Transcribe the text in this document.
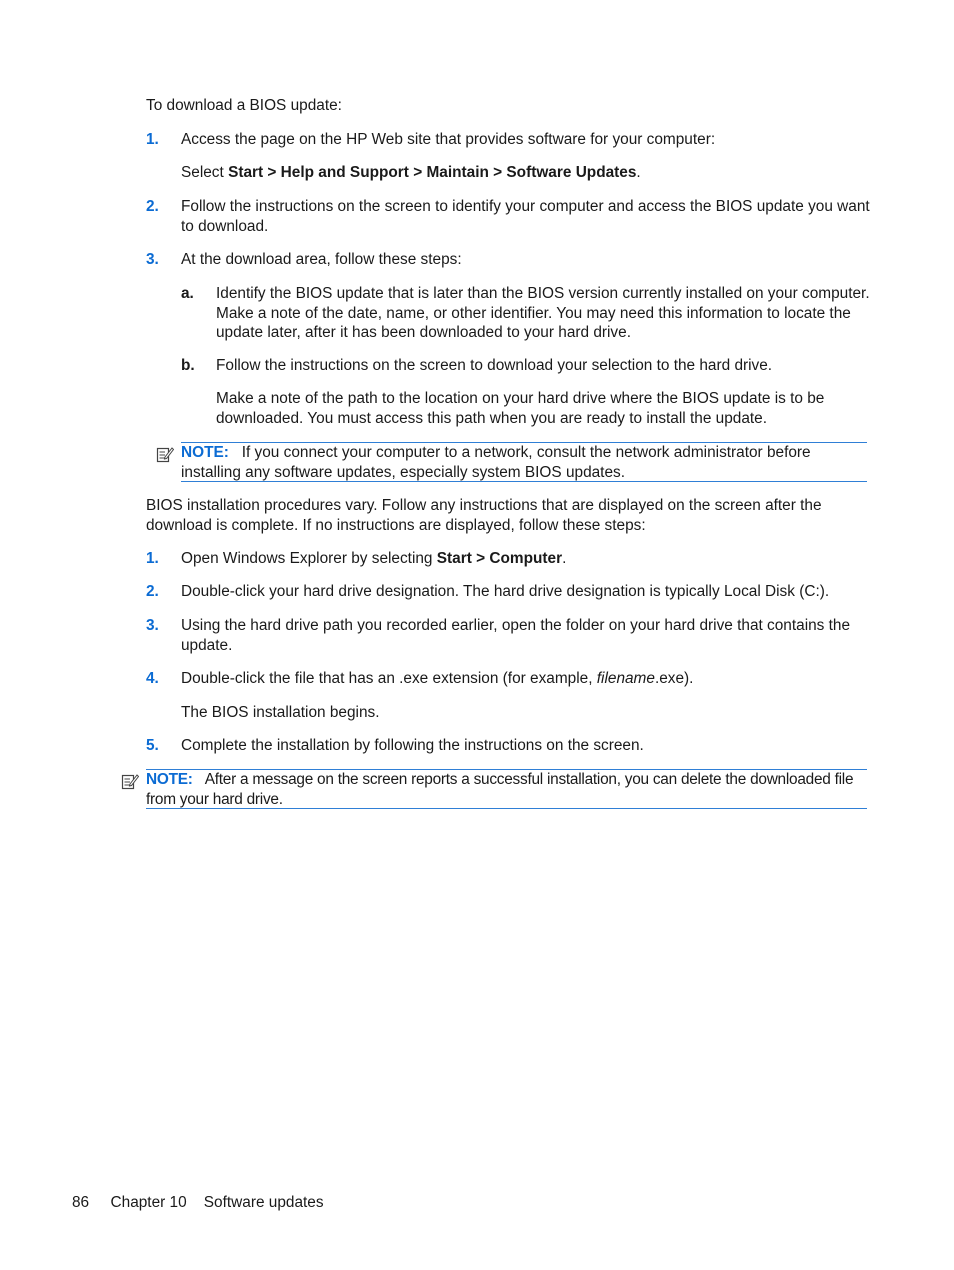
To download a BIOS update:

1. Access the page on the HP Web site that provides software for your computer:

Select Start > Help and Support > Maintain > Software Updates.

2. Follow the instructions on the screen to identify your computer and access the BIOS update you want to download.

3. At the download area, follow these steps:

a. Identify the BIOS update that is later than the BIOS version currently installed on your computer. Make a note of the date, name, or other identifier. You may need this information to locate the update later, after it has been downloaded to your hard drive.

b. Follow the instructions on the screen to download your selection to the hard drive.

Make a note of the path to the location on your hard drive where the BIOS update is to be downloaded. You must access this path when you are ready to install the update.

NOTE: If you connect your computer to a network, consult the network administrator before installing any software updates, especially system BIOS updates.

BIOS installation procedures vary. Follow any instructions that are displayed on the screen after the download is complete. If no instructions are displayed, follow these steps:

1. Open Windows Explorer by selecting Start > Computer.

2. Double-click your hard drive designation. The hard drive designation is typically Local Disk (C:).

3. Using the hard drive path you recorded earlier, open the folder on your hard drive that contains the update.

4. Double-click the file that has an .exe extension (for example, filename.exe).

The BIOS installation begins.

5. Complete the installation by following the instructions on the screen.

NOTE: After a message on the screen reports a successful installation, you can delete the downloaded file from your hard drive.

86 Chapter 10 Software updates
